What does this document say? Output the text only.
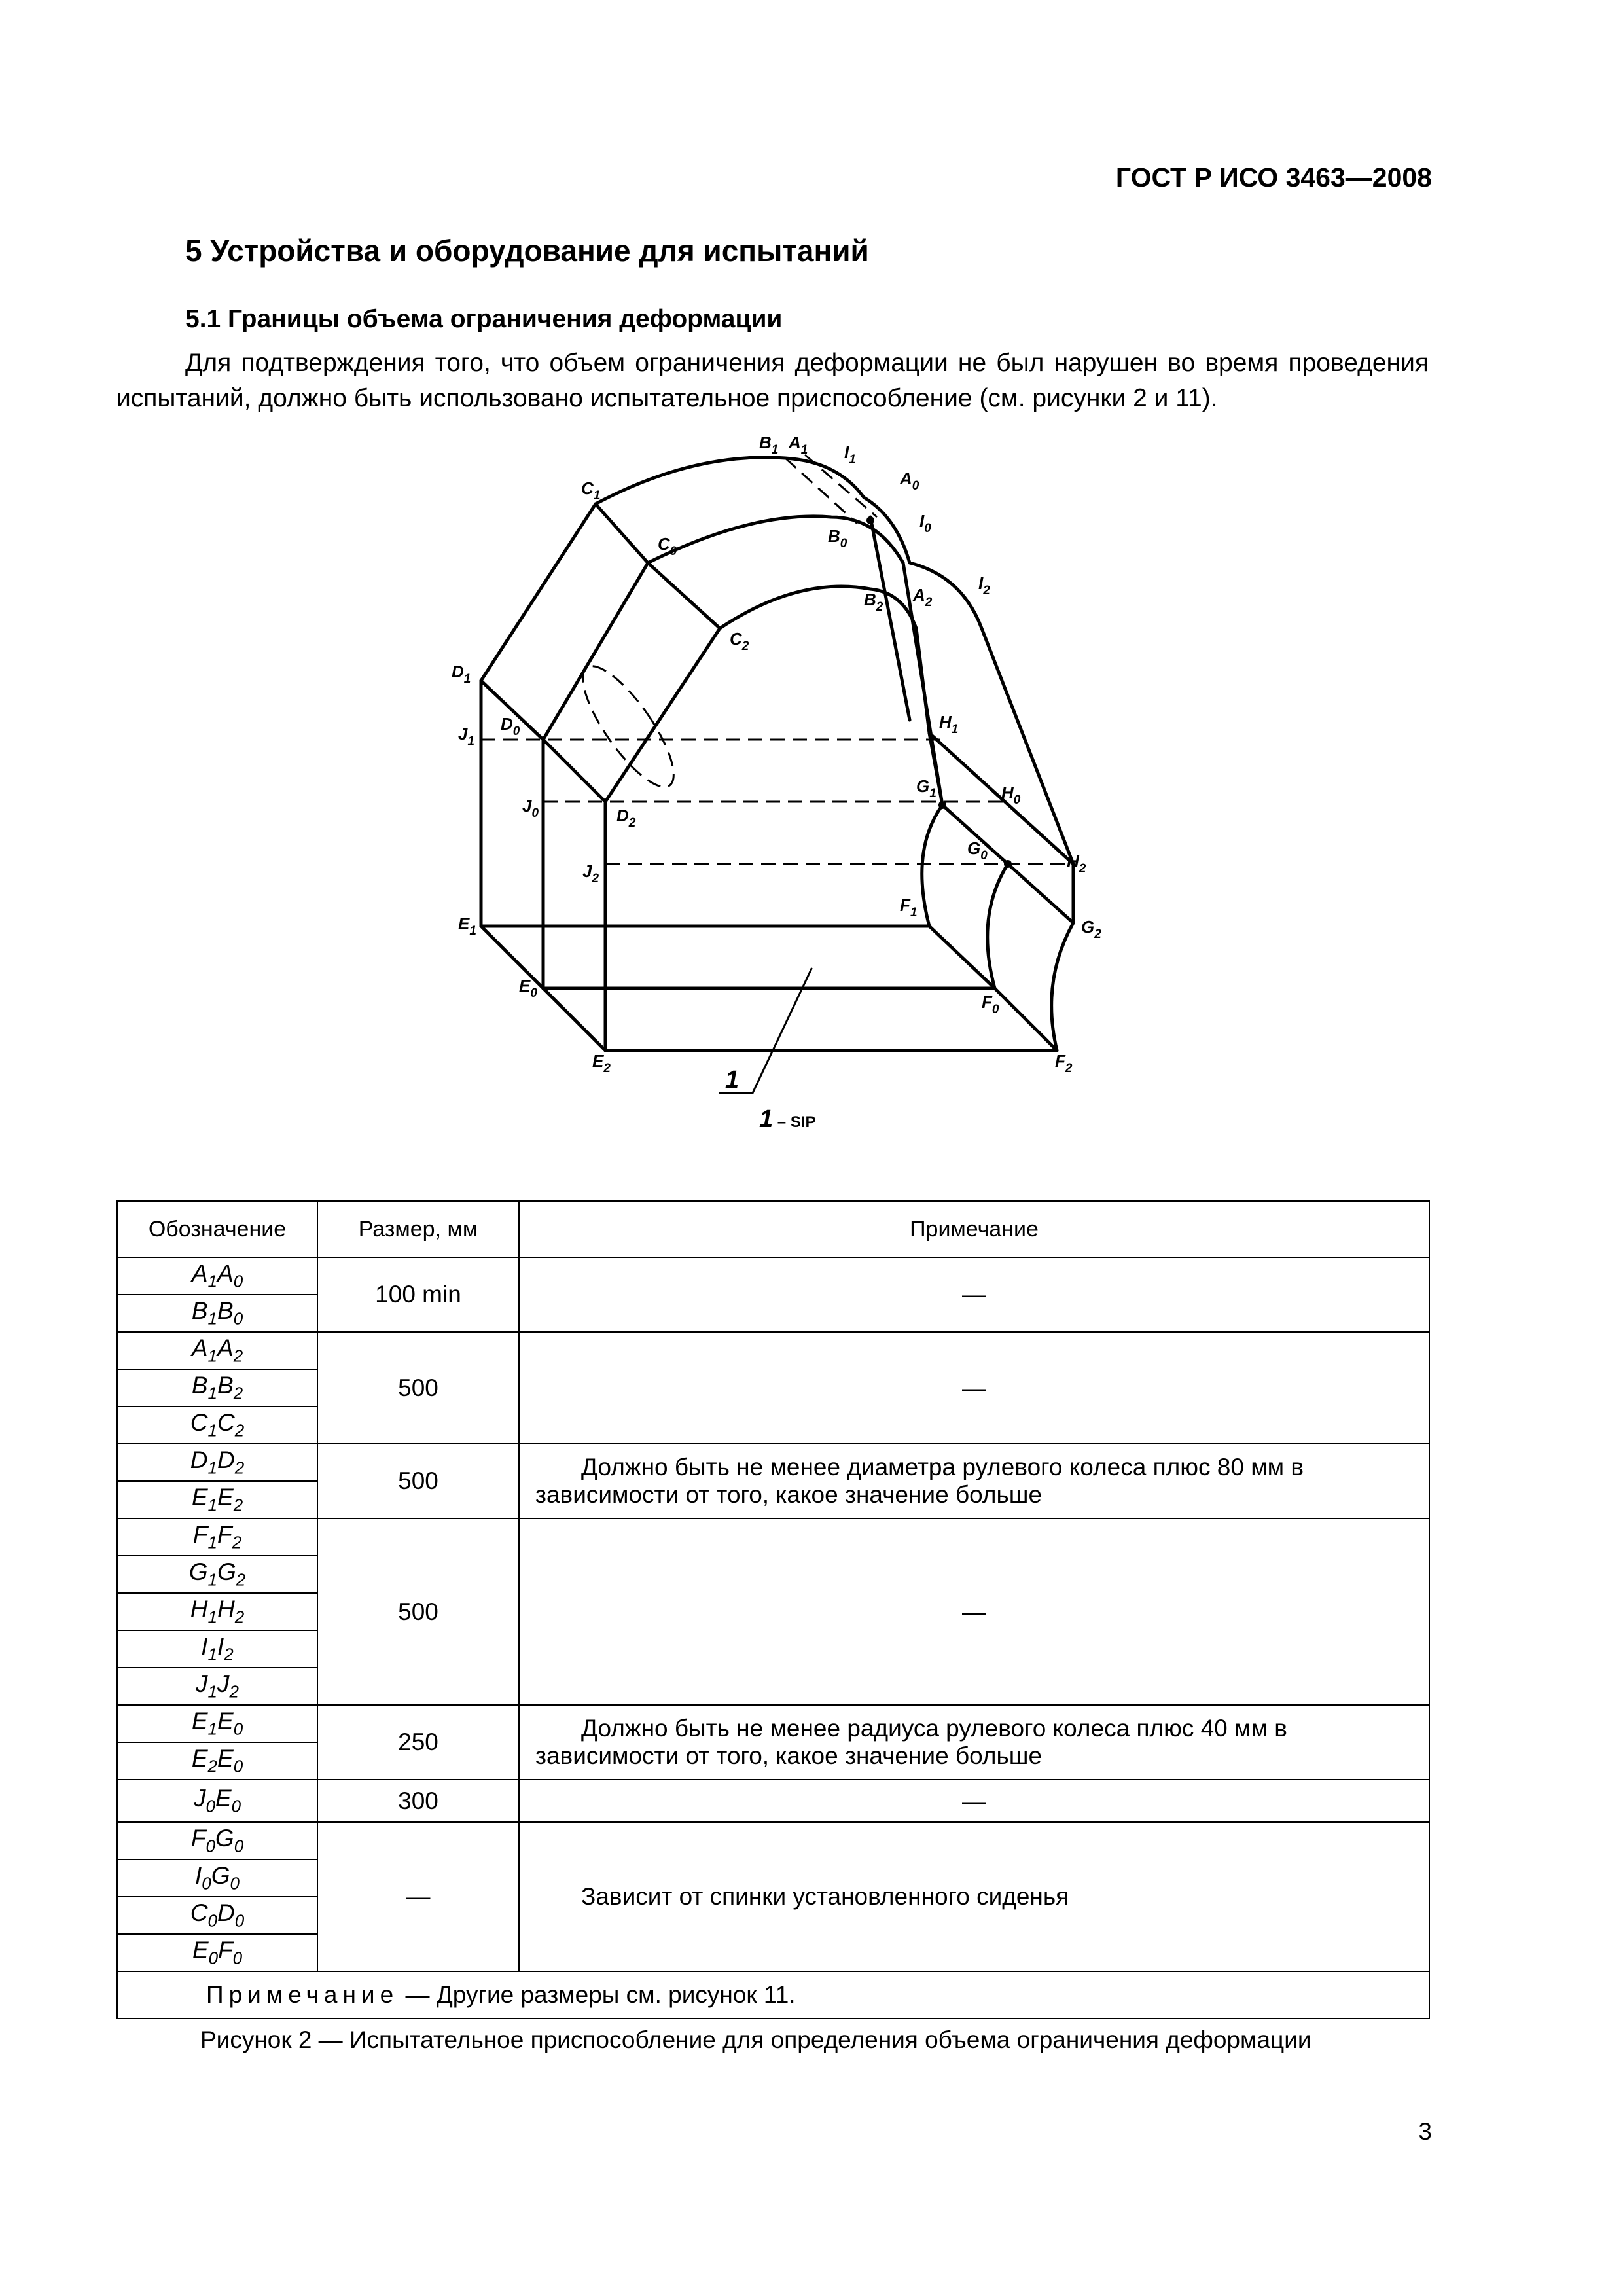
ГОСТ Р ИСО 3463—2008
5 Устройства и оборудование для испытаний
5.1 Границы объема ограничения деформации
Для подтверждения того, что объем ограничения деформации не был нарушен во время проведения испытаний, должно быть использовано испытательное приспособление (см. рисунки 2 и 11).
$B_1$ $A_1$ $I_1$
$A_0$
$I_0$
$B_0$
$C_1$
$C_0$
$B_2$
$A_2$
$I_2$
$C_2$
$D_1$
$D_0$
$J_1$
$H_1$
$G_1$	$H_0$
$J_0$	$D_2$
$G_0$	$H_2$
$J_2$
$F_1$
$E_1$	$G_2$
$E_0$	$F_0$
$E_2$	$F_2$
1
1 – SIP
Обозначение	Размер, мм	Примечание
$A_1A_0$	100 min	—
$B_1B_0$
$A_1A_2$	500	—
$B_1B_2$
$C_1C_2$
$D_1D_2$	500	Должно быть не менее диаметра рулевого колеса плюс 80 мм в зависимости от того, какое значение больше
$E_1E_2$
$F_1F_2$	500	—
$G_1G_2$
$H_1H_2$
$I_1I_2$
$J_1J_2$
$E_1E_0$	250	Должно быть не менее радиуса рулевого колеса плюс 40 мм в зависимости от того, какое значение больше
$E_2E_0$
$J_0E_0$	300	—
$F_0G_0$	—	Зависит от спинки установленного сиденья
$I_0G_0$
$C_0D_0$
$E_0F_0$
Примечание — Другие размеры см. рисунок 11.		
Рисунок 2 — Испытательное приспособление для определения объема ограничения деформации
3
